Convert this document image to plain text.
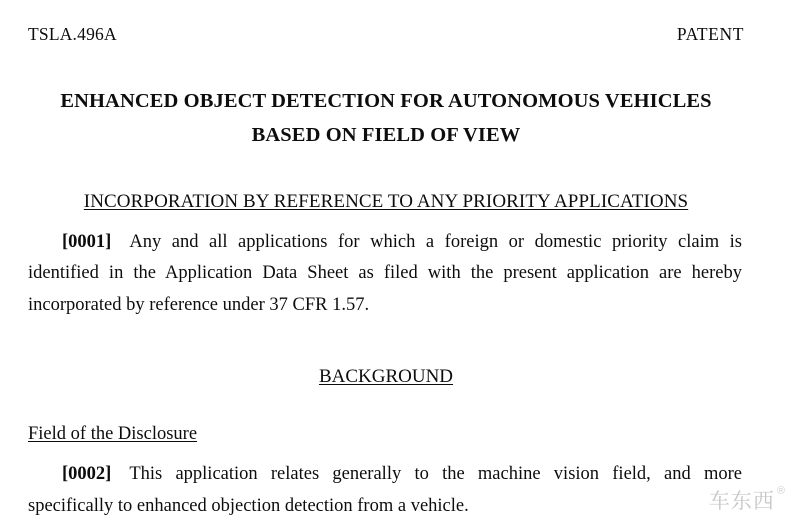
TSLA.496A	PATENT
ENHANCED OBJECT DETECTION FOR AUTONOMOUS VEHICLES
BASED ON FIELD OF VIEW
INCORPORATION BY REFERENCE TO ANY PRIORITY APPLICATIONS
[0001] Any and all applications for which a foreign or domestic priority claim is identified in the Application Data Sheet as filed with the present application are hereby incorporated by reference under 37 CFR 1.57.
BACKGROUND
Field of the Disclosure
[0002] This application relates generally to the machine vision field, and more specifically to enhanced objection detection from a vehicle.	车东西 ®
